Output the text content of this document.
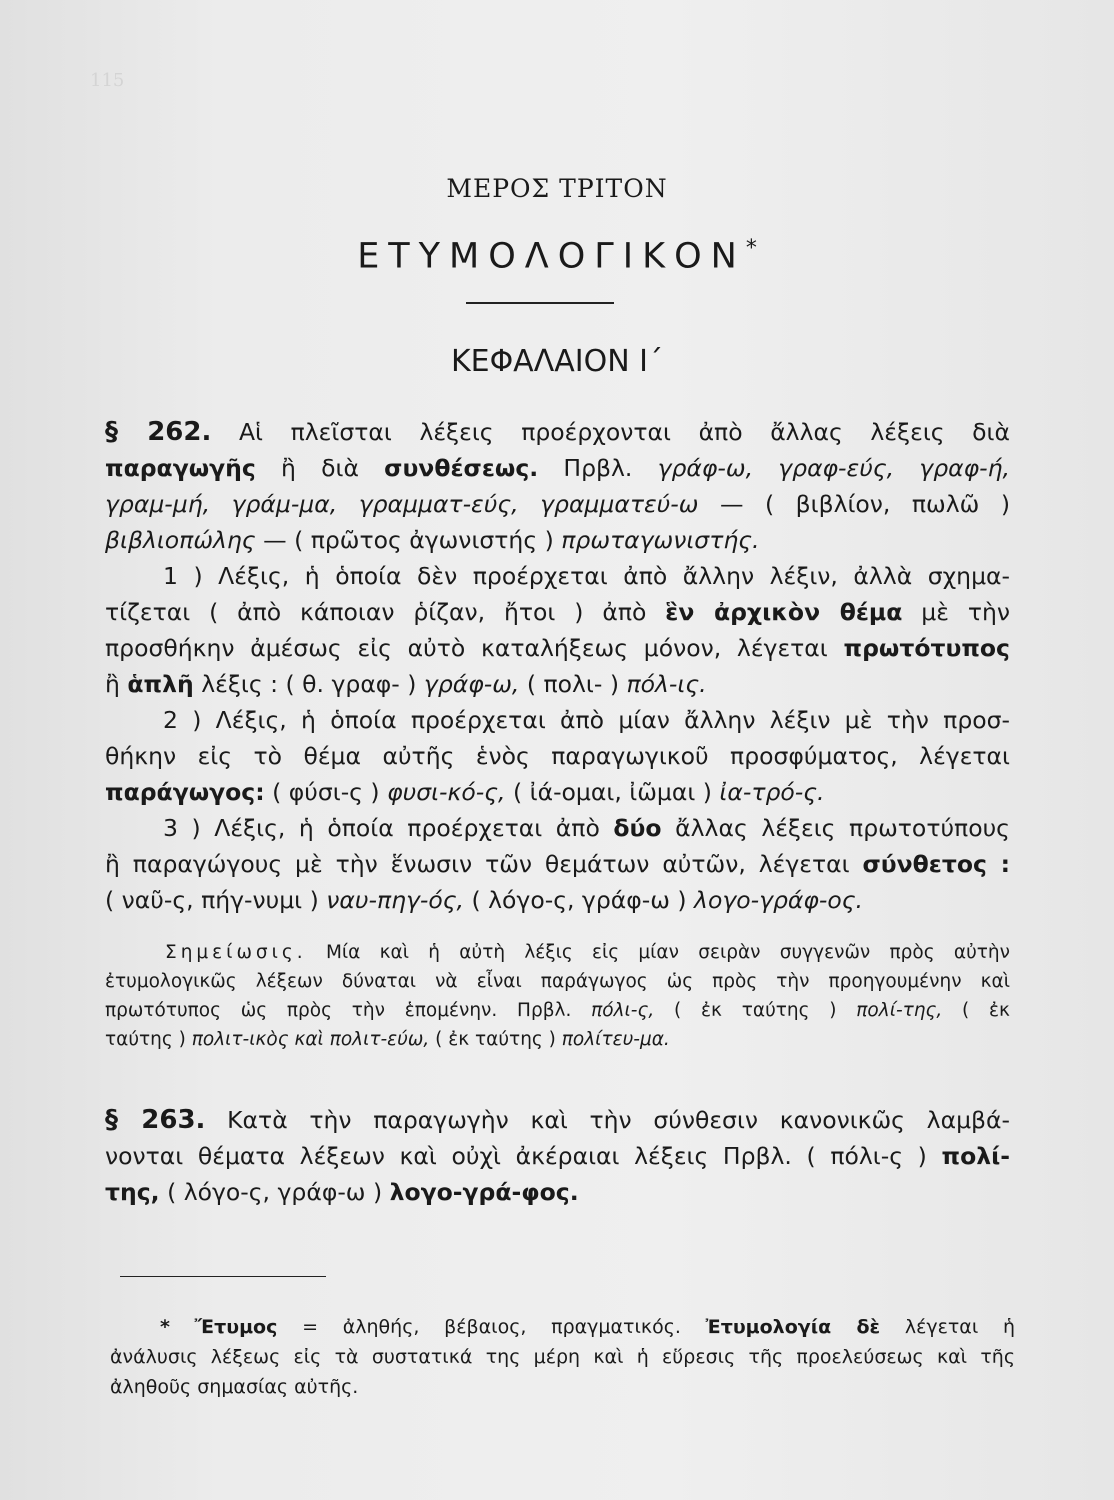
115
ΜΕΡΟΣ ΤΡΙΤΟΝ
ΕΤΥΜΟΛΟΓΙΚΟΝ*
ΚΕΦΑΛΑΙΟΝ Ι΄

§ 262. Αἱ πλεῖσται λέξεις προέρχονται ἀπὸ ἄλλας λέξεις διὰ

παραγωγῆς ἢ διὰ συνθέσεως. Πρβλ. γράφ-ω, γραφ-εύς, γραφ-ή,

γραμ-μή, γράμ-μα, γραμματ-εύς, γραμματεύ-ω — ( βιβλίον, πωλῶ )

βιβλιοπώλης — ( πρῶτος ἀγωνιστής ) πρωταγωνιστής.

1 ) Λέξις, ἡ ὁποία δὲν προέρχεται ἀπὸ ἄλλην λέξιν, ἀλλὰ σχημα-

τίζεται ( ἀπὸ κάποιαν ῥίζαν, ἤτοι ) ἀπὸ ἓν ἀρχικὸν θέμα μὲ τὴν

προσθήκην ἀμέσως εἰς αὐτὸ καταλήξεως μόνον, λέγεται πρωτότυπος

ἢ ἁπλῆ λέξις : ( θ. γραφ- ) γράφ-ω, ( πολι- ) πόλ-ις.

2 ) Λέξις, ἡ ὁποία προέρχεται ἀπὸ μίαν ἄλλην λέξιν μὲ τὴν προσ-

θήκην εἰς τὸ θέμα αὐτῆς ἑνὸς παραγωγικοῦ προσφύματος, λέγεται

παράγωγος: ( φύσι-ς ) φυσι-κό-ς, ( ἰά-ομαι, ἰῶμαι ) ἰα-τρό-ς.

3 ) Λέξις, ἡ ὁποία προέρχεται ἀπὸ δύο ἄλλας λέξεις πρωτοτύπους

ἢ παραγώγους μὲ τὴν ἕνωσιν τῶν θεμάτων αὐτῶν, λέγεται σύνθετος :

( ναῦ-ς, πήγ-νυμι ) ναυ-πηγ-ός, ( λόγο-ς, γράφ-ω ) λογο-γράφ-ος.

Σημείωσις. Μία καὶ ἡ αὐτὴ λέξις εἰς μίαν σειρὰν συγγενῶν πρὸς αὐτὴν

ἐτυμολογικῶς λέξεων δύναται νὰ εἶναι παράγωγος ὡς πρὸς τὴν προηγουμένην καὶ

πρωτότυπος ὡς πρὸς τὴν ἑπομένην. Πρβλ. πόλι-ς, ( ἐκ ταύτης ) πολί-της, ( ἐκ

ταύτης ) πολιτ-ικὸς καὶ πολιτ-εύω, ( ἐκ ταύτης ) πολίτευ-μα.

§ 263. Κατὰ τὴν παραγωγὴν καὶ τὴν σύνθεσιν κανονικῶς λαμβά-

νονται θέματα λέξεων καὶ οὐχὶ ἀκέραιαι λέξεις Πρβλ. ( πόλι-ς ) πολί-

της, ( λόγο-ς, γράφ-ω ) λογο-γρά-φος.

* Ἔτυμος = ἀληθής, βέβαιος, πραγματικός. Ἐτυμολογία δὲ λέγεται ἡ

ἀνάλυσις λέξεως εἰς τὰ συστατικά της μέρη καὶ ἡ εὕρεσις τῆς προελεύσεως καὶ τῆς

ἀληθοῦς σημασίας αὐτῆς.
